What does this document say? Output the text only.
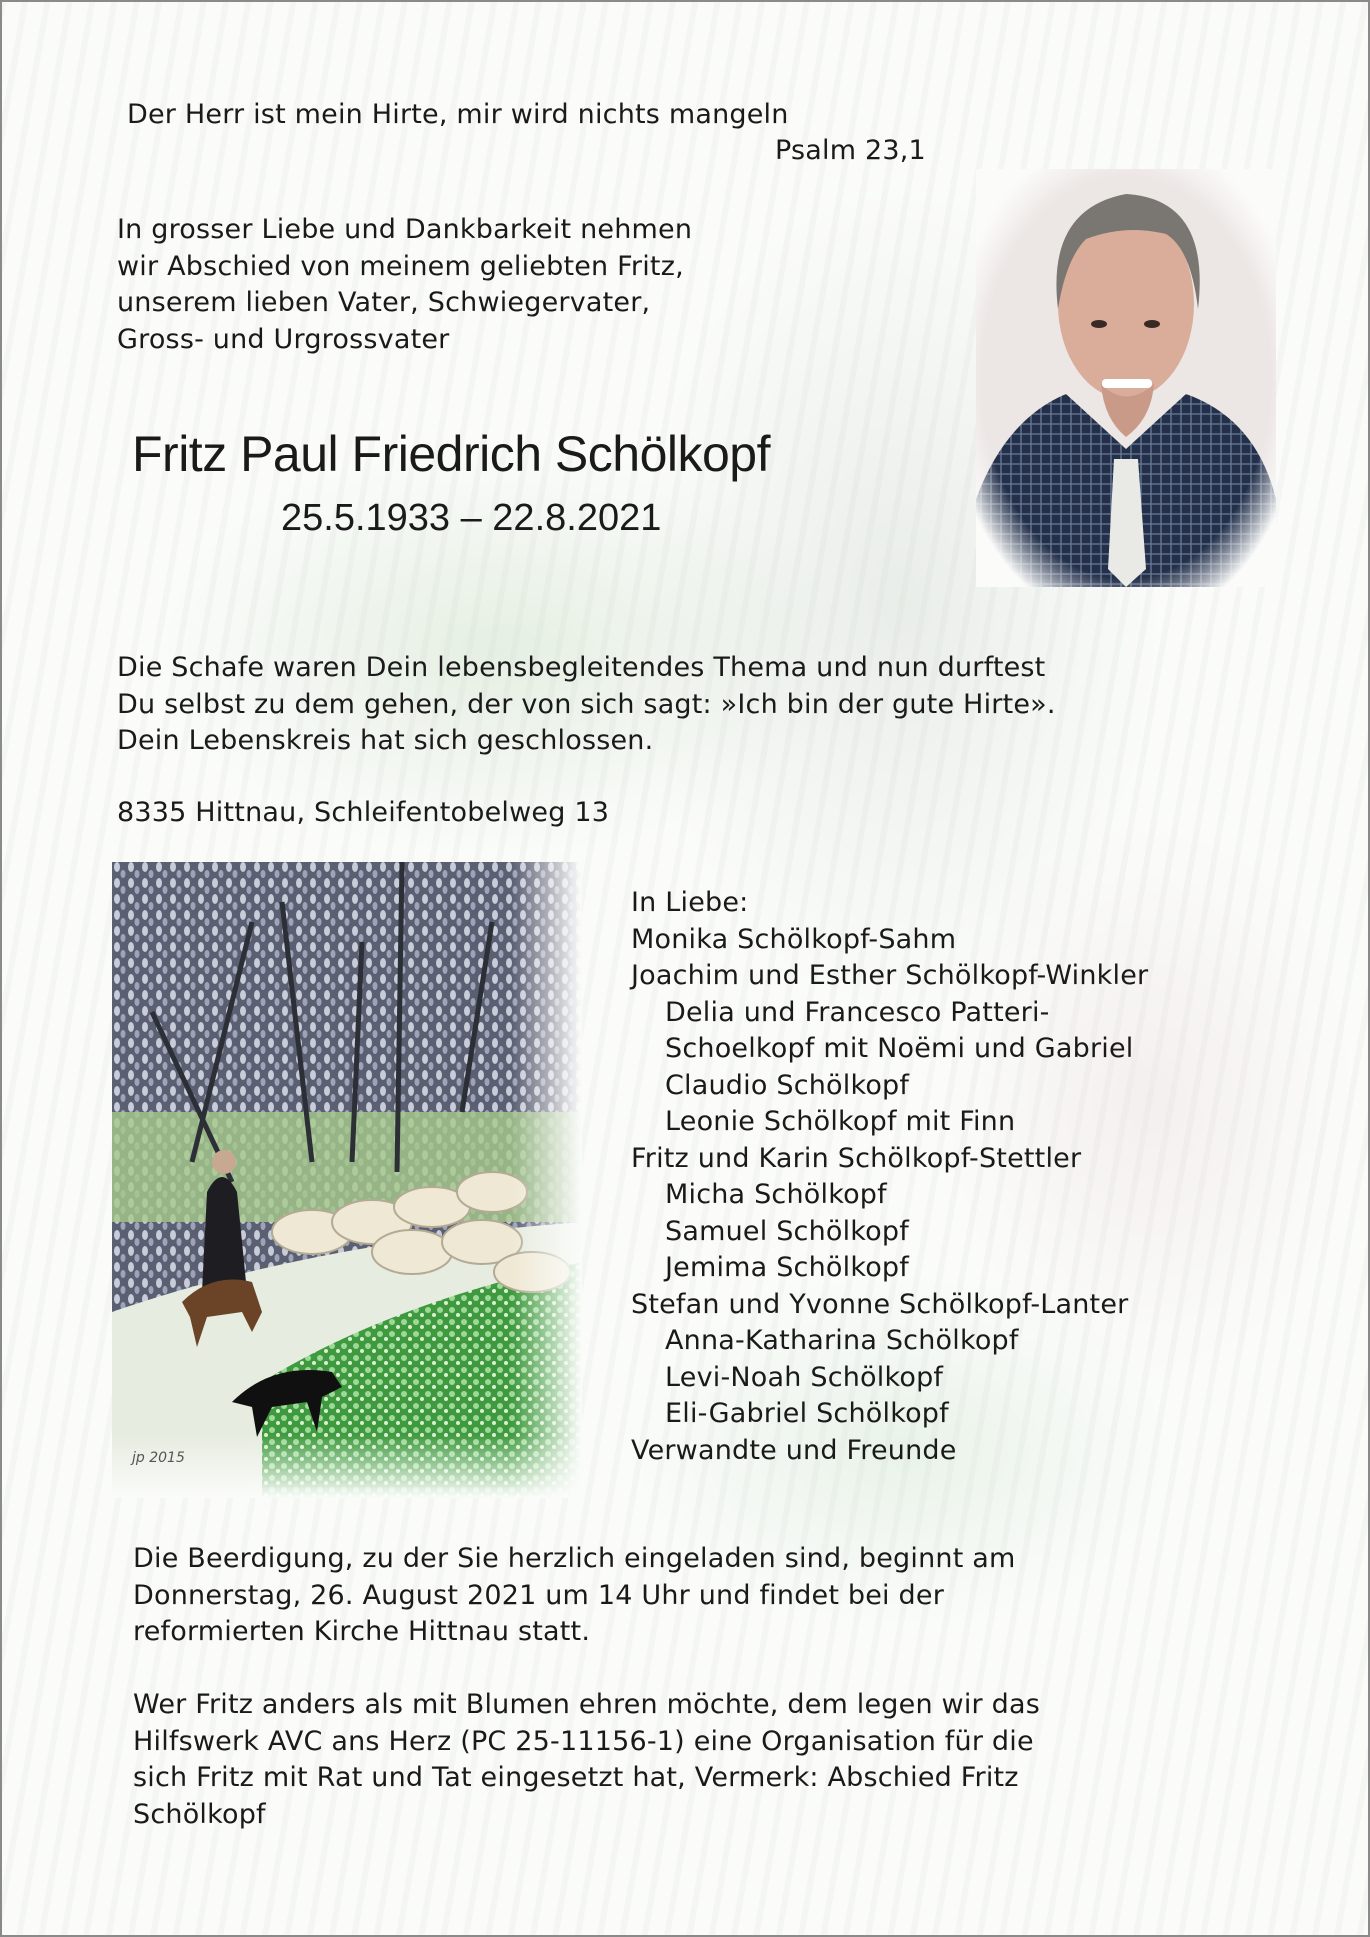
Der Herr ist mein Hirte, mir wird nichts mangeln
Psalm 23,1
In grosser Liebe und Dankbarkeit nehmen
wir Abschied von meinem geliebten Fritz,
unserem lieben Vater, Schwiegervater,
Gross- und Urgrossvater
Fritz Paul Friedrich Schölkopf
25.5.1933 – 22.8.2021
Die Schafe waren Dein lebensbegleitendes Thema und nun durftest
Du selbst zu dem gehen, der von sich sagt: »Ich bin der gute Hirte».
Dein Lebenskreis hat sich geschlossen.
8335 Hittnau, Schleifentobelweg 13
jp 2015
In Liebe:
Monika Schölkopf-Sahm
Joachim und Esther Schölkopf-Winkler
Delia und Francesco Patteri-
Schoelkopf mit Noëmi und Gabriel
Claudio Schölkopf
Leonie Schölkopf mit Finn
Fritz und Karin Schölkopf-Stettler
Micha Schölkopf
Samuel Schölkopf
Jemima Schölkopf
Stefan und Yvonne Schölkopf-Lanter
Anna-Katharina Schölkopf
Levi-Noah Schölkopf
Eli-Gabriel Schölkopf
Verwandte und Freunde
Die Beerdigung, zu der Sie herzlich eingeladen sind, beginnt am
Donnerstag, 26. August 2021 um 14 Uhr und findet bei der
reformierten Kirche Hittnau statt.
Wer Fritz anders als mit Blumen ehren möchte, dem legen wir das
Hilfswerk AVC ans Herz (PC 25-11156-1) eine Organisation für die
sich Fritz mit Rat und Tat eingesetzt hat, Vermerk: Abschied Fritz
Schölkopf
